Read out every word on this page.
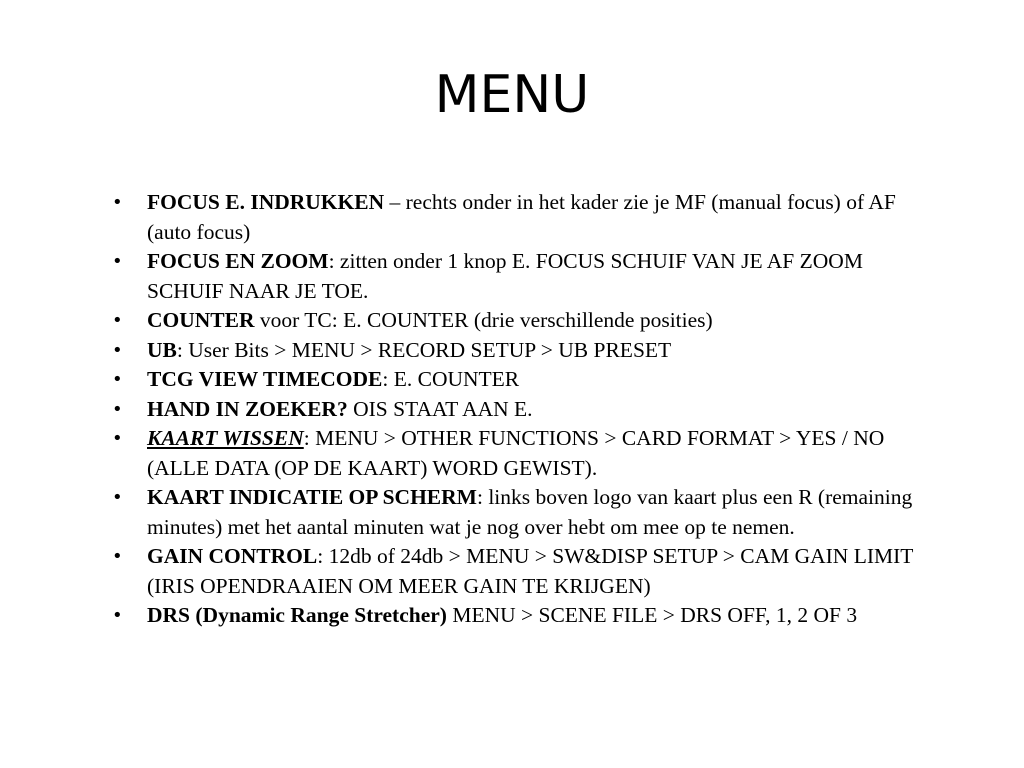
MENU
•	FOCUS E. INDRUKKEN – rechts onder in het kader zie je MF (manual focus) of AF (auto focus)
•	FOCUS EN ZOOM: zitten onder 1 knop E. FOCUS SCHUIF VAN JE AF ZOOM SCHUIF NAAR JE TOE.
•	COUNTER voor TC: E. COUNTER (drie verschillende posities)
•	UB: User Bits > MENU > RECORD SETUP > UB PRESET
•	TCG VIEW TIMECODE: E. COUNTER
•	HAND IN ZOEKER? OIS STAAT AAN E.
•	KAART WISSEN: MENU > OTHER FUNCTIONS > CARD FORMAT > YES / NO (ALLE DATA (OP DE KAART) WORD GEWIST).
•	KAART INDICATIE OP SCHERM: links boven logo van kaart plus een R (remaining minutes) met het aantal minuten wat je nog over hebt om mee op te nemen.
•	GAIN CONTROL: 12db of 24db > MENU > SW&DISP SETUP > CAM GAIN LIMIT (IRIS OPENDRAAIEN OM MEER GAIN TE KRIJGEN)
•	DRS (Dynamic Range Stretcher) MENU > SCENE FILE > DRS OFF, 1, 2 OF 3
